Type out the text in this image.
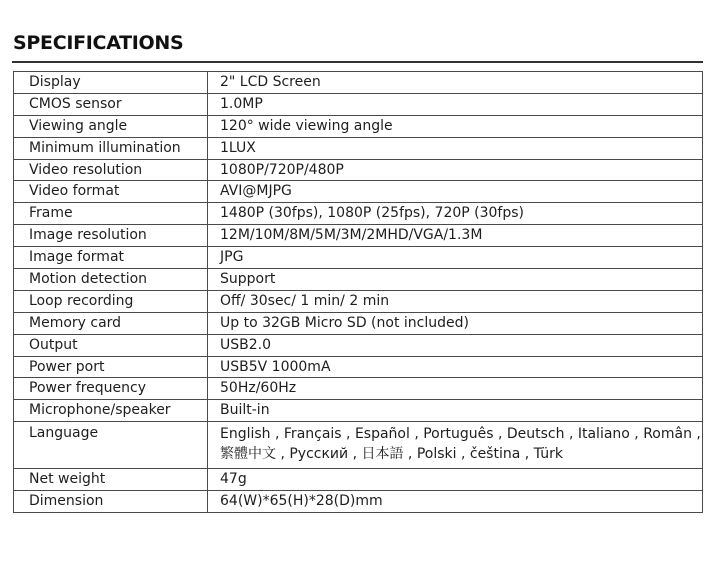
SPECIFICATIONS
Display	2" LCD Screen
CMOS sensor	1.0MP
Viewing angle	120° wide viewing angle
Minimum illumination	1LUX
Video resolution	1080P/720P/480P
Video format	AVI@MJPG
Frame	1480P (30fps), 1080P (25fps), 720P (30fps)
Image resolution	12M/10M/8M/5M/3M/2MHD/VGA/1.3M
Image format	JPG
Motion detection	Support
Loop recording	Off/ 30sec/ 1 min/ 2 min
Memory card	Up to 32GB Micro SD (not included)
Output	USB2.0
Power port	USB5V 1000mA
Power frequency	50Hz/60Hz
Microphone/speaker	Built-in
Language	English , Français , Español , Português , Deutsch , Italiano , Român ,
繁體中文 , Русский , 日本語 , Polski , čeština , Türk

Net weight	47g
Dimension	64(W)*65(H)*28(D)mm
